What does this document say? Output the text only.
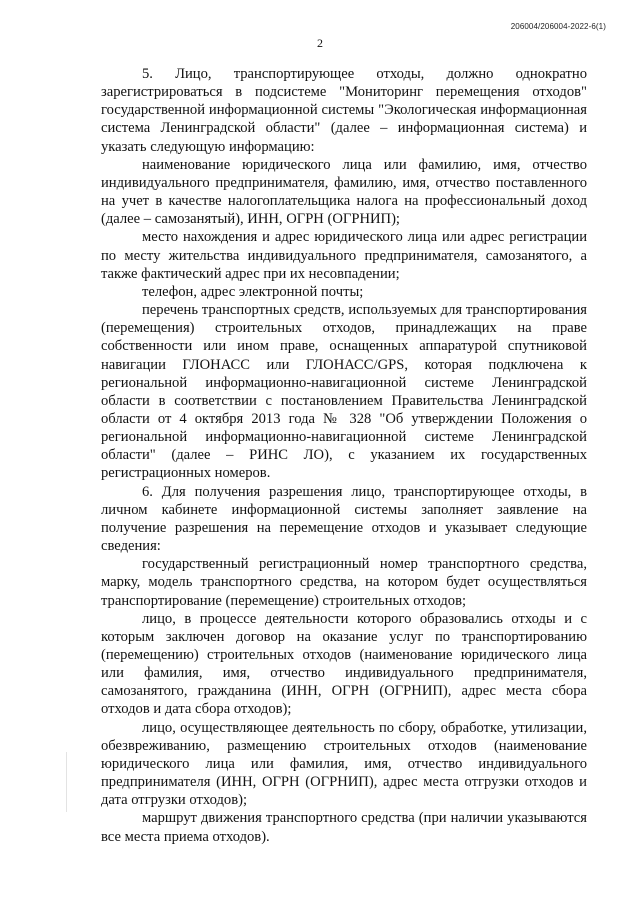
206004/206004-2022-6(1)
2

5. Лицо, транспортирующее отходы, должно однократно зарегистрироваться в подсистеме "Мониторинг перемещения отходов" государственной информационной системы "Экологическая информационная система Ленинградской области" (далее – информационная система) и указать следующую информацию:

наименование юридического лица или фамилию, имя, отчество индивидуального предпринимателя, фамилию, имя, отчество поставленного на учет в качестве налогоплательщика налога на профессиональный доход (далее – самозанятый), ИНН, ОГРН (ОГРНИП);

место нахождения и адрес юридического лица или адрес регистрации по месту жительства индивидуального предпринимателя, самозанятого, а также фактический адрес при их несовпадении;

телефон, адрес электронной почты;

перечень транспортных средств, используемых для транспортирования (перемещения) строительных отходов, принадлежащих на праве собственности или ином праве, оснащенных аппаратурой спутниковой навигации ГЛОНАСС или ГЛОНАСС/GPS, которая подключена к региональной информационно-навигационной системе Ленинградской области в соответствии с постановлением Правительства Ленинградской области от 4 октября 2013 года № 328 "Об утверждении Положения о региональной информационно-навигационной системе Ленинградской области" (далее – РИНС ЛО), с указанием их государственных регистрационных номеров.

6. Для получения разрешения лицо, транспортирующее отходы, в личном кабинете информационной системы заполняет заявление на получение разрешения на перемещение отходов и указывает следующие сведения:

государственный регистрационный номер транспортного средства, марку, модель транспортного средства, на котором будет осуществляться транспортирование (перемещение) строительных отходов;

лицо, в процессе деятельности которого образовались отходы и с которым заключен договор на оказание услуг по транспортированию (перемещению) строительных отходов (наименование юридического лица или фамилия, имя, отчество индивидуального предпринимателя, самозанятого, гражданина (ИНН, ОГРН (ОГРНИП), адрес места сбора отходов и дата сбора отходов);

лицо, осуществляющее деятельность по сбору, обработке, утилизации, обезвреживанию, размещению строительных отходов (наименование юридического лица или фамилия, имя, отчество индивидуального предпринимателя (ИНН, ОГРН (ОГРНИП), адрес места отгрузки отходов и дата отгрузки отходов);

маршрут движения транспортного средства (при наличии указываются все места приема отходов).
